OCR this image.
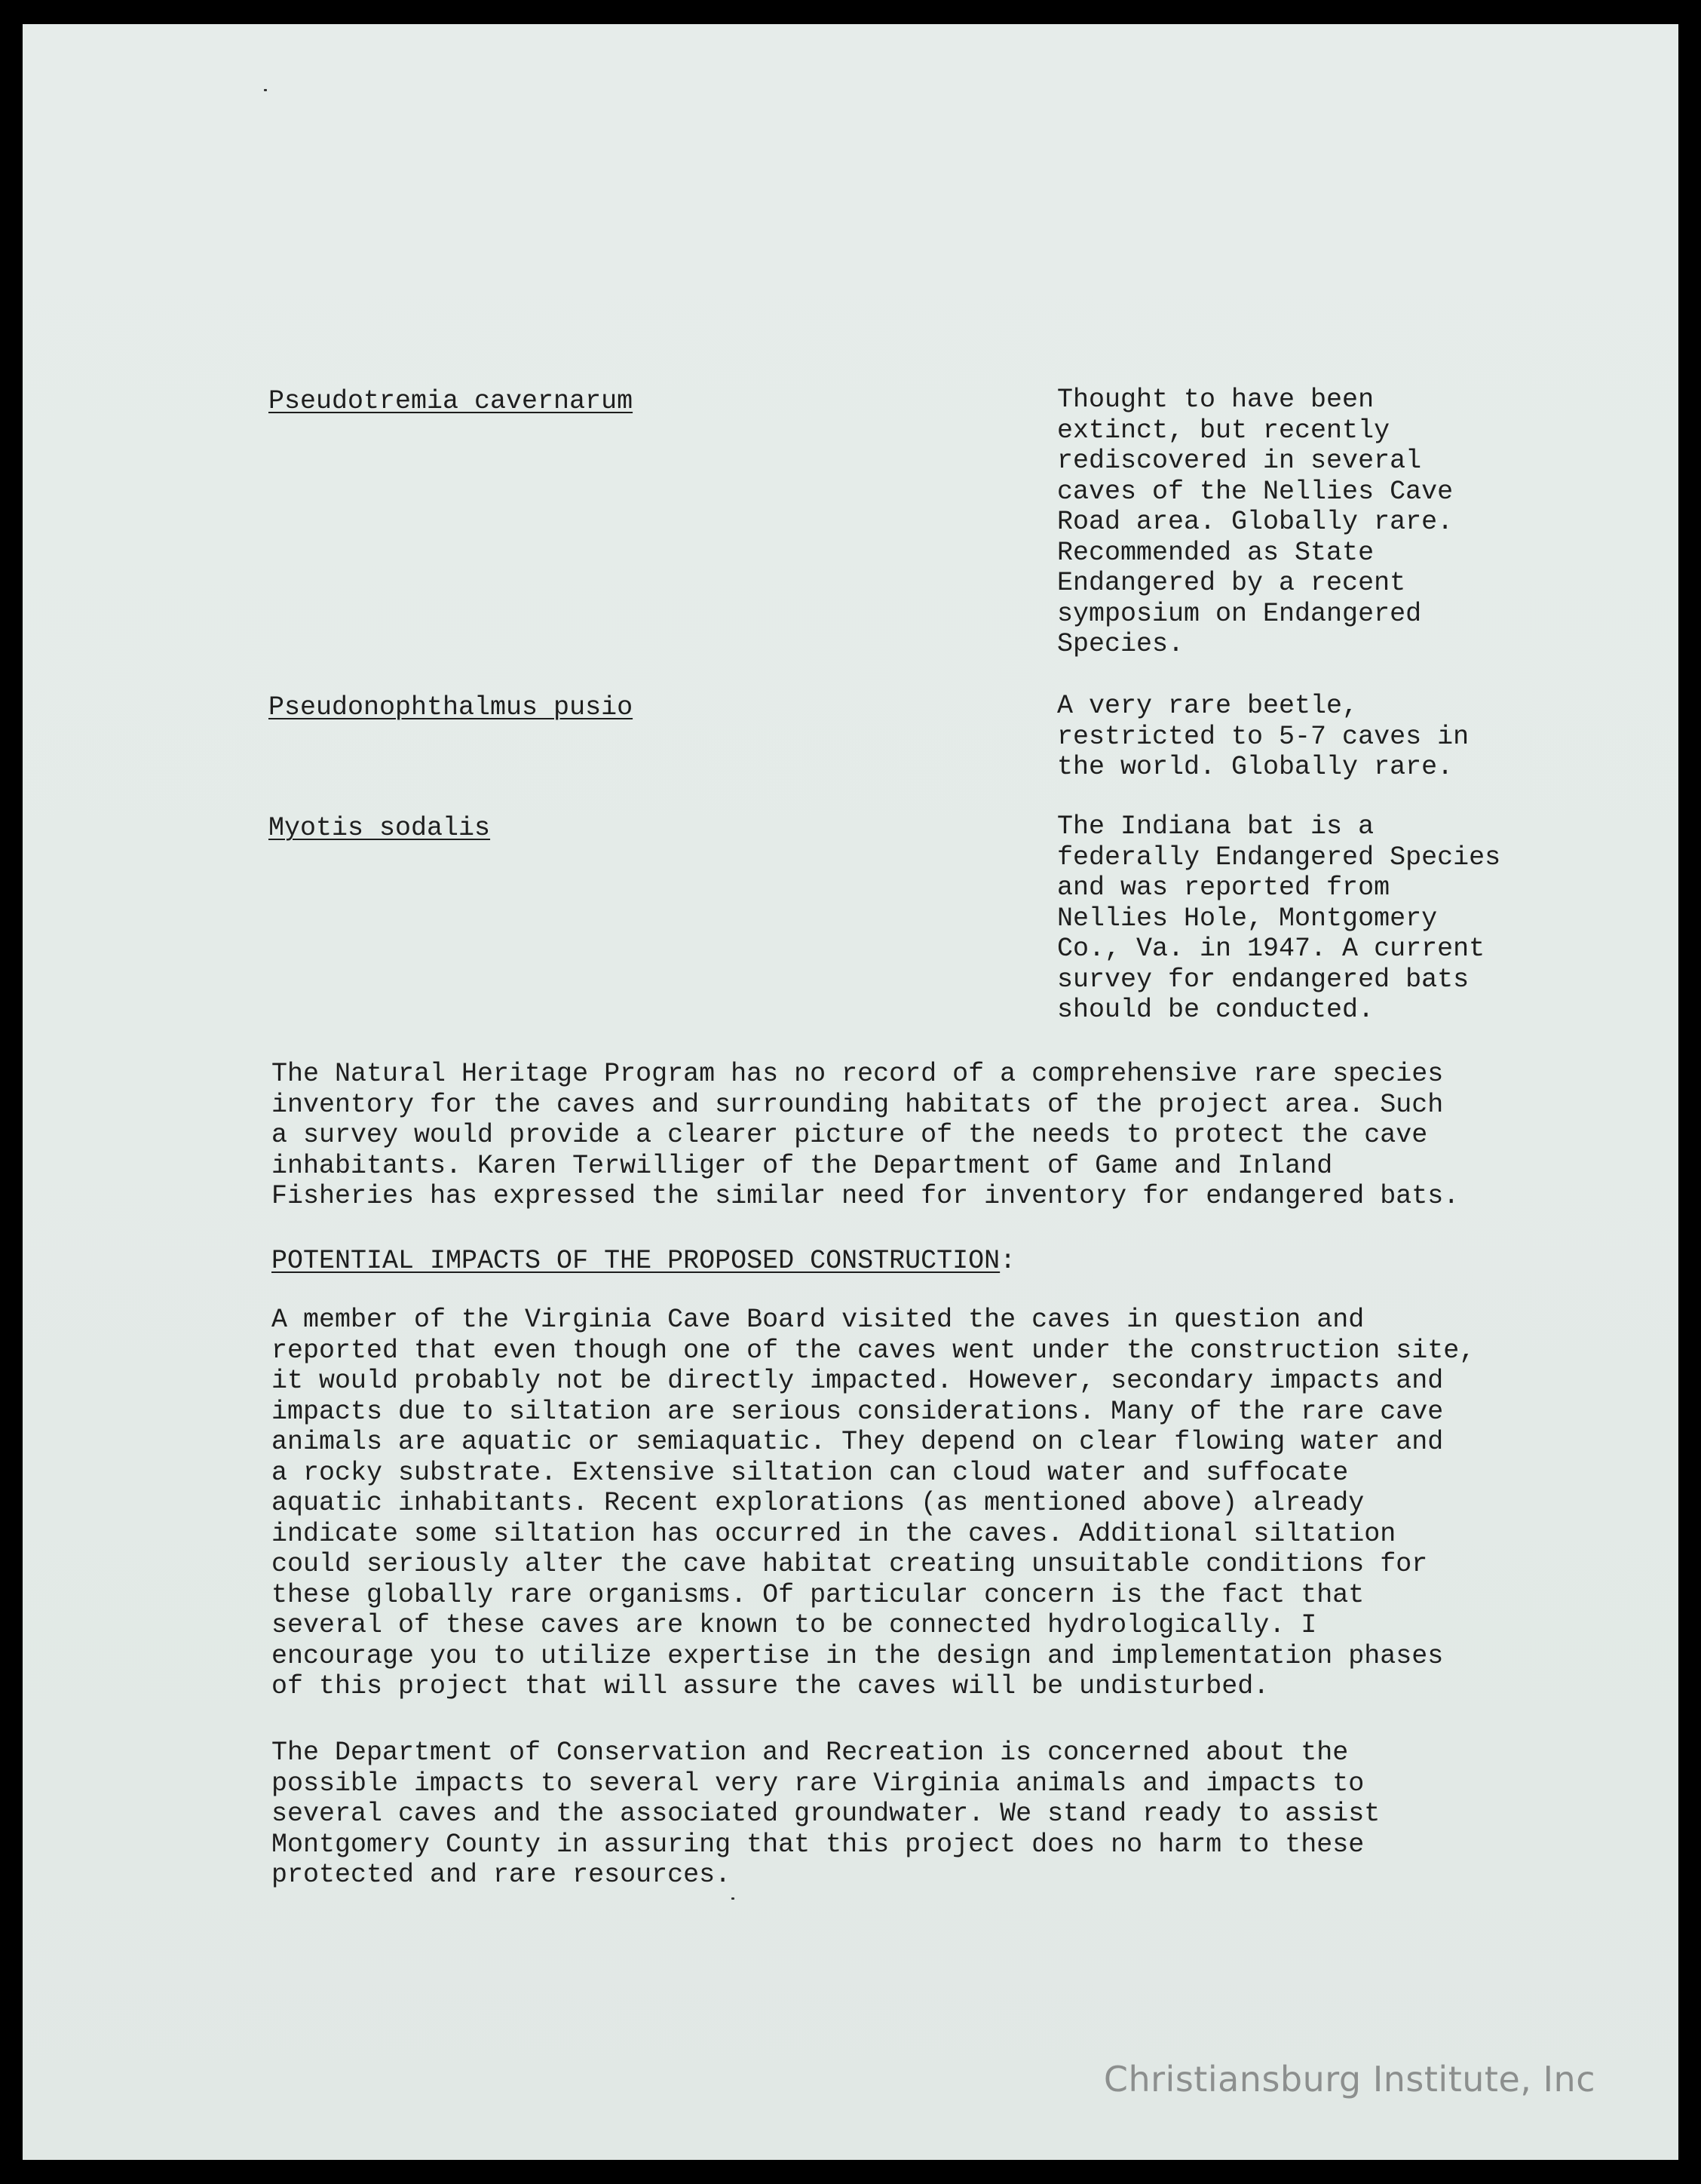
Pseudotremia cavernarum	Thought to have been
extinct, but recently
rediscovered in several
caves of the Nellies Cave
Road area. Globally rare.
Recommended as State
Endangered by a recent
symposium on Endangered
Species.
Pseudonophthalmus pusio	A very rare beetle,
restricted to 5-7 caves in
the world. Globally rare.
Myotis sodalis	The Indiana bat is a
federally Endangered Species
and was reported from
Nellies Hole, Montgomery
Co., Va. in 1947. A current
survey for endangered bats
should be conducted.
The Natural Heritage Program has no record of a comprehensive rare species
inventory for the caves and surrounding habitats of the project area. Such
a survey would provide a clearer picture of the needs to protect the cave
inhabitants. Karen Terwilliger of the Department of Game and Inland
Fisheries has expressed the similar need for inventory for endangered bats.
POTENTIAL IMPACTS OF THE PROPOSED CONSTRUCTION:
A member of the Virginia Cave Board visited the caves in question and
reported that even though one of the caves went under the construction site,
it would probably not be directly impacted. However, secondary impacts and
impacts due to siltation are serious considerations. Many of the rare cave
animals are aquatic or semiaquatic. They depend on clear flowing water and
a rocky substrate. Extensive siltation can cloud water and suffocate
aquatic inhabitants. Recent explorations (as mentioned above) already
indicate some siltation has occurred in the caves. Additional siltation
could seriously alter the cave habitat creating unsuitable conditions for
these globally rare organisms. Of particular concern is the fact that
several of these caves are known to be connected hydrologically. I
encourage you to utilize expertise in the design and implementation phases
of this project that will assure the caves will be undisturbed.
The Department of Conservation and Recreation is concerned about the
possible impacts to several very rare Virginia animals and impacts to
several caves and the associated groundwater. We stand ready to assist
Montgomery County in assuring that this project does no harm to these
protected and rare resources.
Christiansburg Institute, Inc
